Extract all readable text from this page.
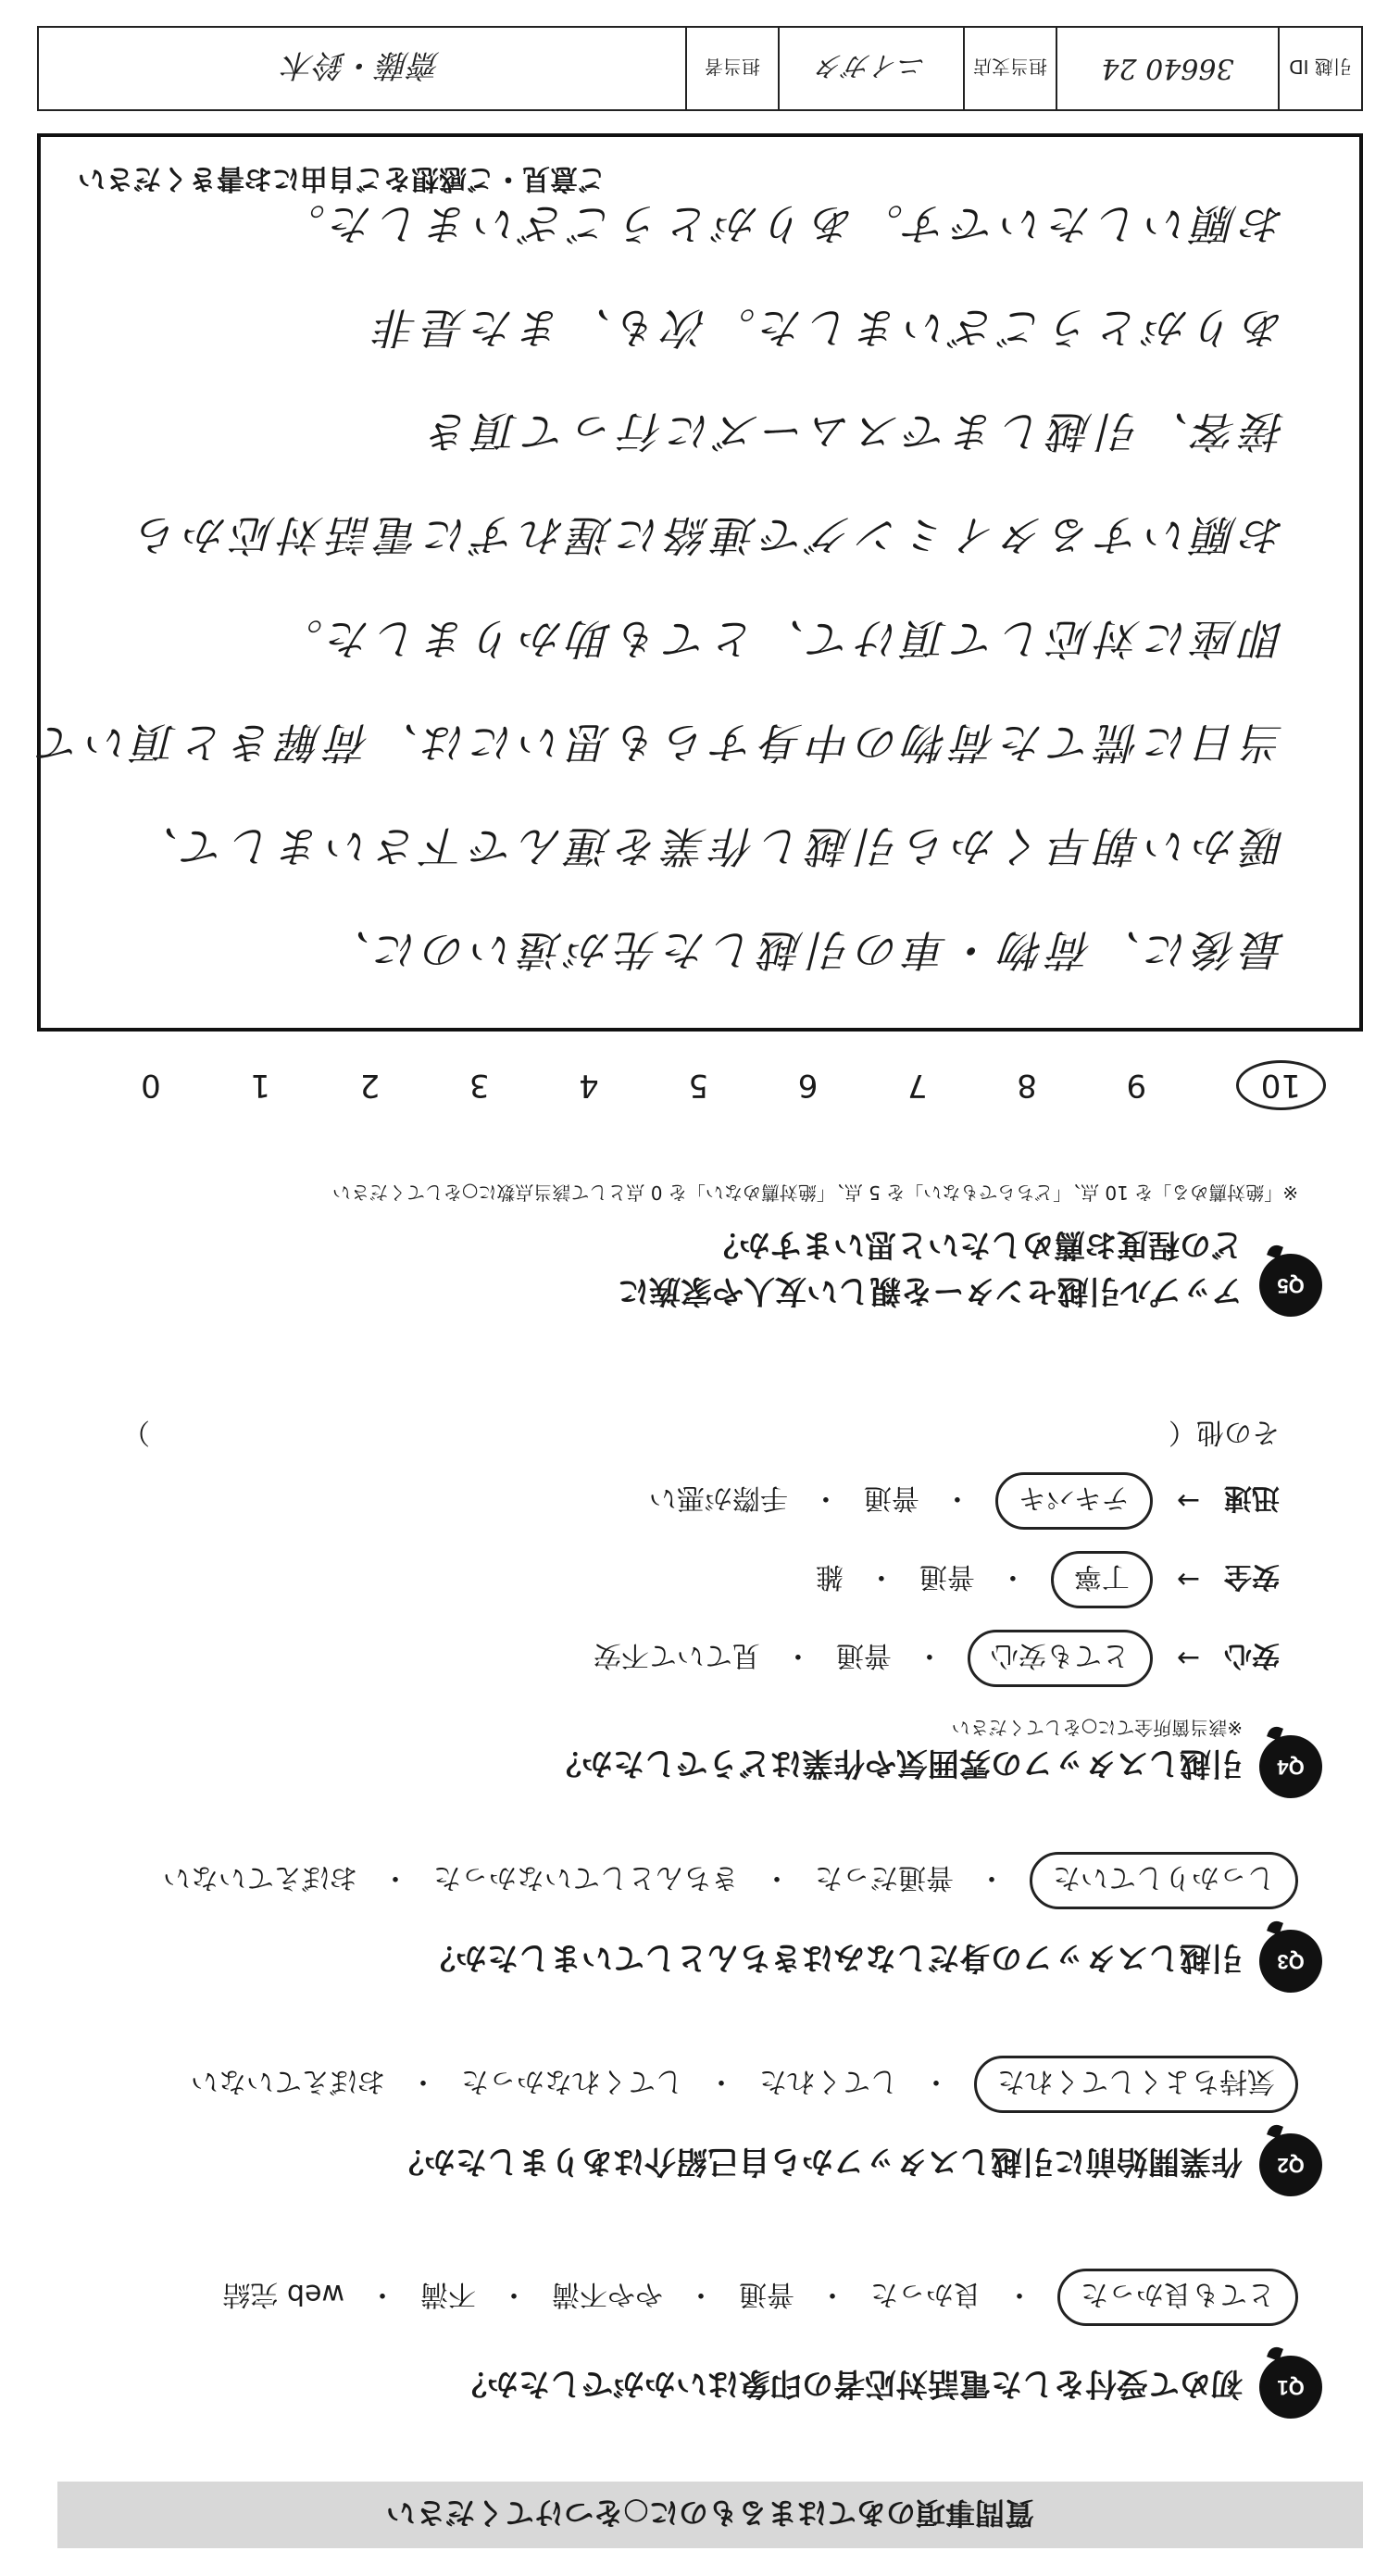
引越 ID
36640 24
担当支店
ニイガタ
担当者
齋藤・鈴木
ご意見・ご感想をご自由にお書きください
最後に、荷物・車の引越した先が遠いのに、
暖かい朝早くから引越し作業を運んで下さいまして、
当日に慌てた荷物の中身すらも思いには、荷解きと頂いて
即座に対応して頂けて、とても助かりました。
お願いするタイミングで連絡に遅れずに電話対応から
接客、引越しまでスムーズに行って頂き
ありがとうございました。次も、また是非
お願いしたいです。ありがとうございました。
10
9
8
7
6
5
4
3
2
1
0
Q5
アップル引越センターを親しい友人や家族に
どの程度お薦めしたいと思いますか？
※「絶対薦める」を 10 点、「どちらでもない」を 5 点、「絶対薦めない」を 0 点として該当点数に○をしてください
Q4
引越しスタッフの雰囲気や作業はどうでしたか？
※該当箇所全てに○をしてください
安心
→
とても安心
・
普通
・
見ていて不安
安全
→
丁寧
・
普通
・
雑
迅速
→
テキパキ
・
普通
・
手際が悪い
その他（
）
Q3
引越しスタッフの身だしなみはきちんとしていましたか？
しっかりしていた
・
普通だった
・
きちんとしていなかった
・
おぼえていない
Q2
作業開始前に引越しスタッフから自己紹介はありましたか？
気持ちよくしてくれた
・
してくれた
・
してくれなかった
・
おぼえていない
Q1
初めて受付をした電話対応者の印象はいかがでしたか？
とても良かった
・
良かった
・
普通
・
やや不満
・
不満
・
web 完結
質問事項のあてはまるものに○をつけてください
